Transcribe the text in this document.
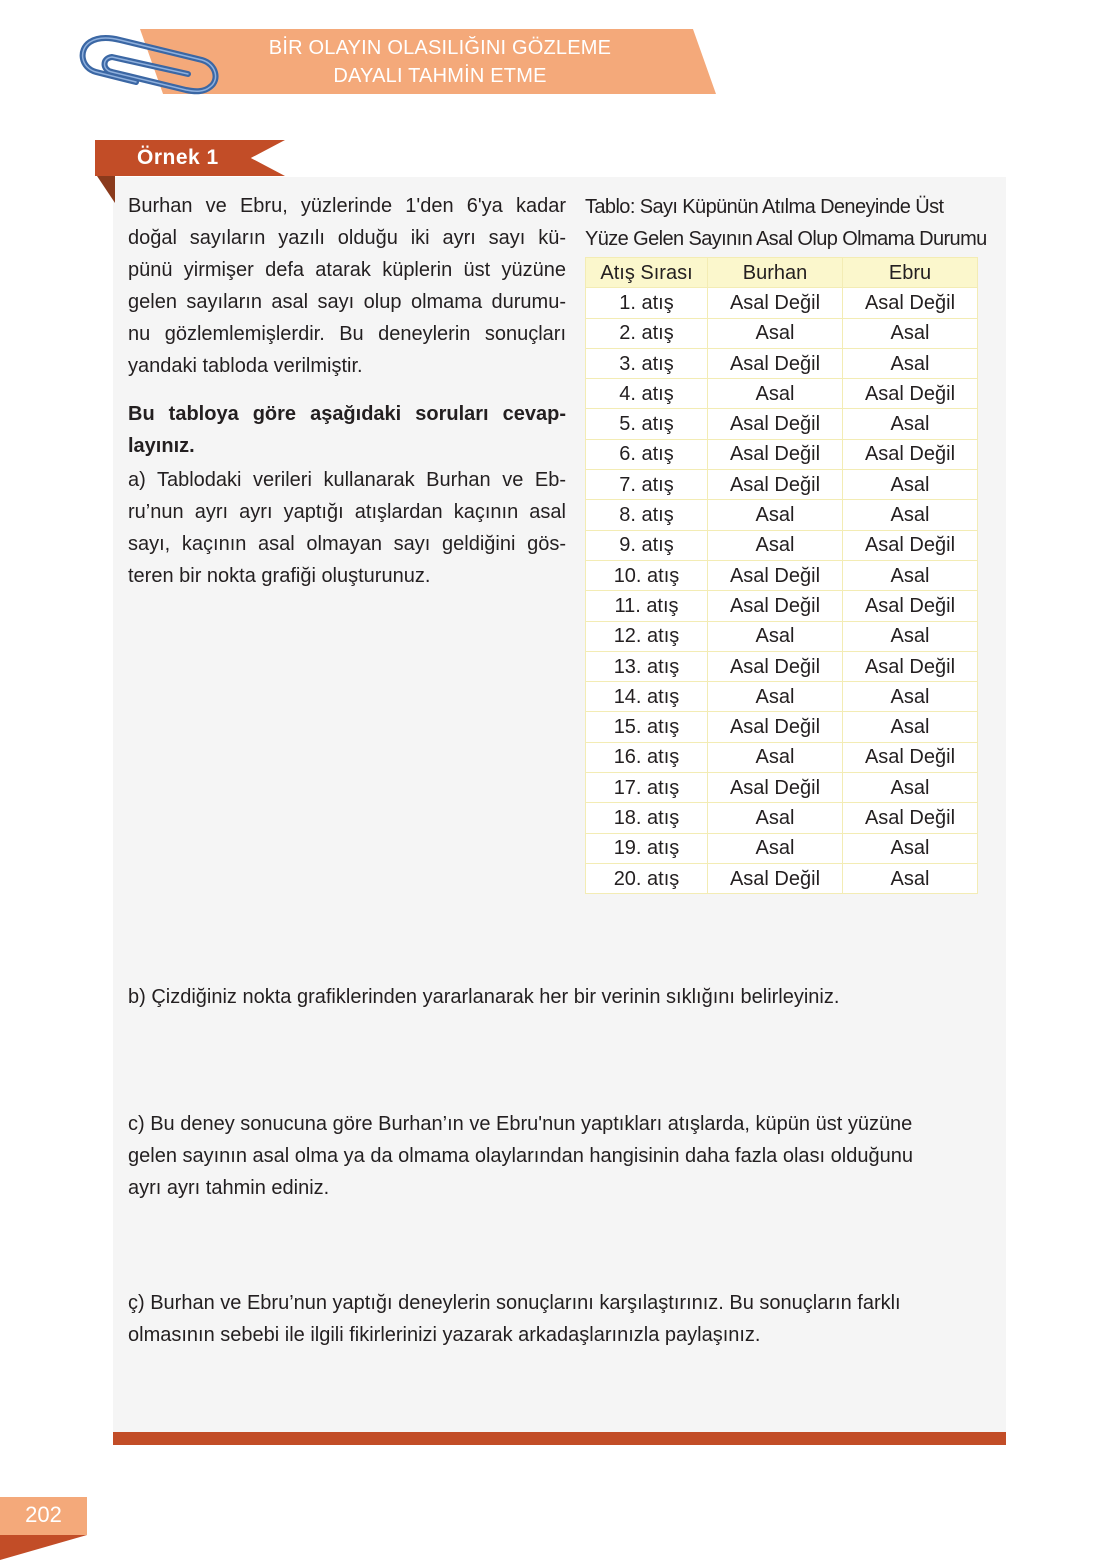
BİR OLAYIN OLASILIĞINI GÖZLEME
DAYALI TAHMİN ETME
Örnek 1
Burhan ve Ebru, yüzlerinde 1'den 6'ya kadar
doğal sayıların yazılı olduğu iki ayrı sayı kü-
pünü yirmişer defa atarak küplerin üst yüzüne
gelen sayıların asal sayı olup olmama durumu-
nu gözlemlemişlerdir. Bu deneylerin sonuçları
yandaki tabloda verilmiştir.
Bu tabloya göre aşağıdaki soruları cevap-
layınız.
a) Tablodaki verileri kullanarak Burhan ve Eb-
ru’nun ayrı ayrı yaptığı atışlardan kaçının asal
sayı, kaçının asal olmayan sayı geldiğini gös-
teren bir nokta grafiği oluşturunuz.
Tablo: Sayı Küpünün Atılma Deneyinde Üst
Yüze Gelen Sayının Asal Olup Olmama Durumu
Atış Sırası	Burhan	Ebru
1. atış	Asal Değil	Asal Değil
2. atış	Asal	Asal
3. atış	Asal Değil	Asal
4. atış	Asal	Asal Değil
5. atış	Asal Değil	Asal
6. atış	Asal Değil	Asal Değil
7. atış	Asal Değil	Asal
8. atış	Asal	Asal
9. atış	Asal	Asal Değil
10. atış	Asal Değil	Asal
11. atış	Asal Değil	Asal Değil
12. atış	Asal	Asal
13. atış	Asal Değil	Asal Değil
14. atış	Asal	Asal
15. atış	Asal Değil	Asal
16. atış	Asal	Asal Değil
17. atış	Asal Değil	Asal
18. atış	Asal	Asal Değil
19. atış	Asal	Asal
20. atış	Asal Değil	Asal
b) Çizdiğiniz nokta grafiklerinden yararlanarak her bir verinin sıklığını belirleyiniz.
c) Bu deney sonucuna göre Burhan’ın ve Ebru'nun yaptıkları atışlarda, küpün üst yüzüne
gelen sayının asal olma ya da olmama olaylarından hangisinin daha fazla olası olduğunu
ayrı ayrı tahmin ediniz.
ç) Burhan ve Ebru’nun yaptığı deneylerin sonuçlarını karşılaştırınız. Bu sonuçların farklı
olmasının sebebi ile ilgili fikirlerinizi yazarak arkadaşlarınızla paylaşınız.
202
